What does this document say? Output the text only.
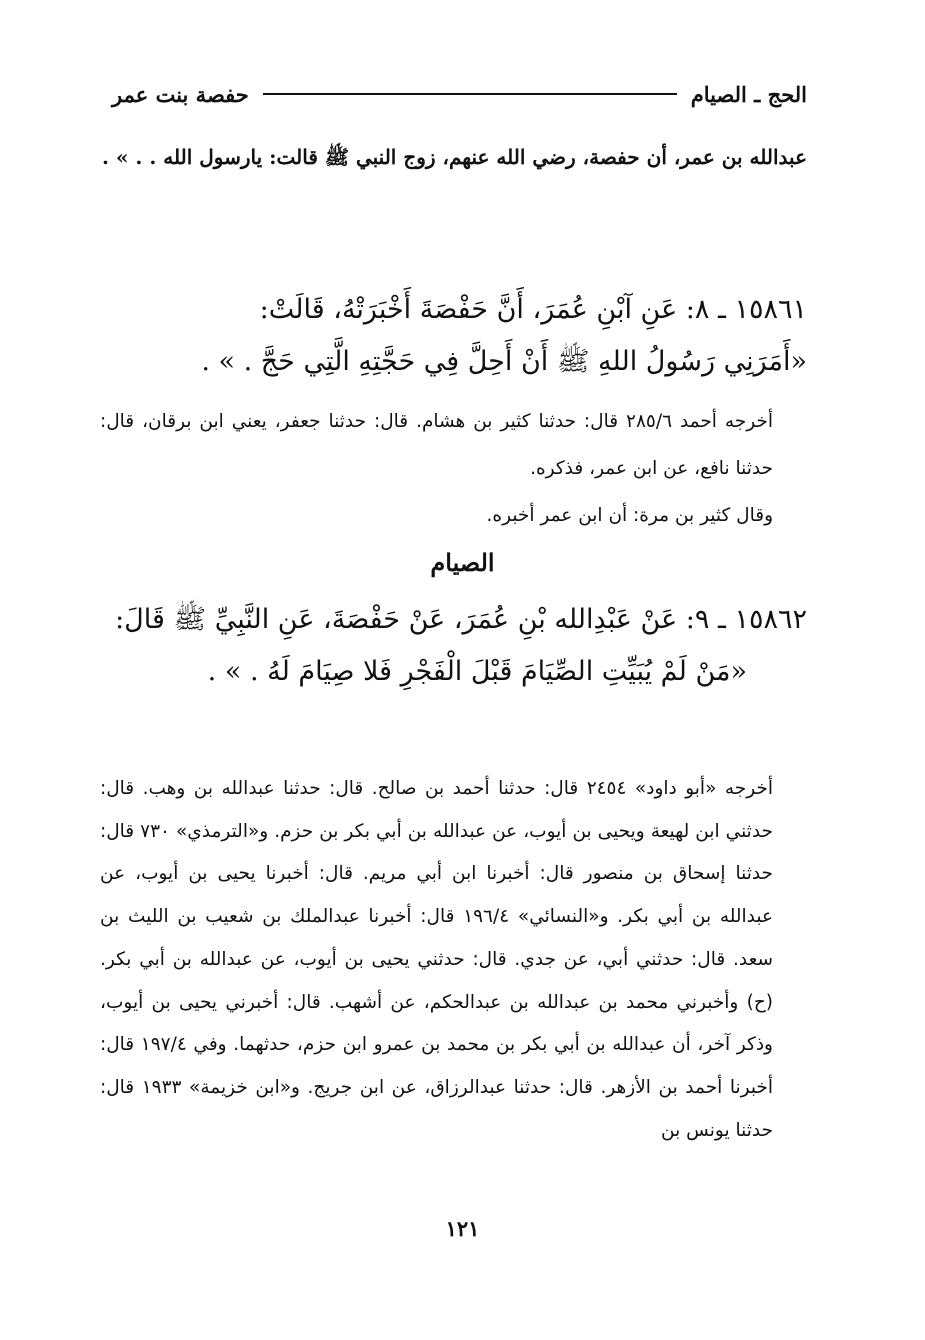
الحج ـ الصيام
حفصة بنت عمر
عبدالله بن عمر، أن حفصة، رضي الله عنهم، زوج النبي ﷺ قالت: يارسول الله . . » .
١٥٨٦١ ـ ٨: عَنِ آبْنِ عُمَرَ، أَنَّ حَفْصَةَ أَخْبَرَتْهُ، قَالَتْ:
«أَمَرَنِي رَسُولُ اللهِ ﷺ أَنْ أَحِلَّ فِي حَجَّتِهِ الَّتِي حَجَّ . » .

أخرجه أحمد ٢٨٥/٦ قال: حدثنا كثير بن هشام. قال: حدثنا جعفر، يعني ابن برقان، قال: حدثنا نافع، عن ابن عمر، فذكره.

وقال كثير بن مرة: أن ابن عمر أخبره.

الصيام
١٥٨٦٢ ـ ٩: عَنْ عَبْدِالله بْنِ عُمَرَ، عَنْ حَفْصَةَ، عَنِ النَّبِيِّ ﷺ قَالَ:
«مَنْ لَمْ يُبَيِّتِ الصِّيَامَ قَبْلَ الْفَجْرِ فَلا صِيَامَ لَهُ . » .
أخرجه «أبو داود» ٢٤٥٤ قال: حدثنا أحمد بن صالح. قال: حدثنا عبدالله بن وهب. قال: حدثني ابن لهيعة ويحيى بن أيوب، عن عبدالله بن أبي بكر بن حزم. و«الترمذي» ٧٣٠ قال: حدثنا إسحاق بن منصور قال: أخبرنا ابن أبي مريم. قال: أخبرنا يحيى بن أيوب، عن عبدالله بن أبي بكر. و«النسائي» ١٩٦/٤ قال: أخبرنا عبدالملك بن شعيب بن الليث بن سعد. قال: حدثني أبي، عن جدي. قال: حدثني يحيى بن أيوب، عن عبدالله بن أبي بكر. (ح) وأخبرني محمد بن عبدالله بن عبدالحكم، عن أشهب. قال: أخبرني يحيى بن أيوب، وذكر آخر، أن عبدالله بن أبي بكر بن محمد بن عمرو ابن حزم، حدثهما. وفي ١٩٧/٤ قال: أخبرنا أحمد بن الأزهر. قال: حدثنا عبدالرزاق، عن ابن جريج. و«ابن خزيمة» ١٩٣٣ قال: حدثنا يونس بن
١٢١
